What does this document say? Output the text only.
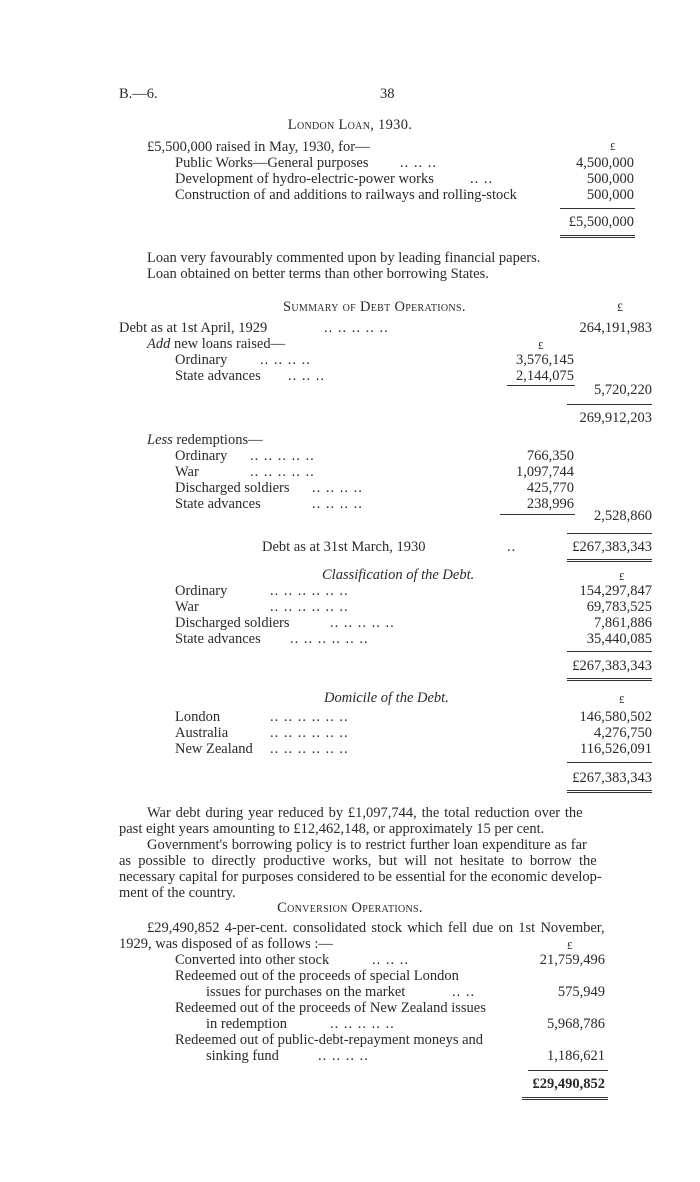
B.—6.	38
London Loan, 1930.
£5,500,000 raised in May, 1930, for—	£
Public Works—General purposes .. .. ..	4,500,000
Development of hydro-electric-power works .. ..	500,000
Construction of and additions to railways and rolling-stock	500,000
£5,500,000
Loan very favourably commented upon by leading financial papers.
Loan obtained on better terms than other borrowing States.
Summary of Debt Operations.	£
Debt as at 1st April, 1929	.. .. .. .. ..	264,191,983
Add new loans raised—	£
Ordinary .. .. .. ..	3,576,145
State advances .. .. ..	2,144,075
5,720,220
269,912,203
Less redemptions—
Ordinary .. .. .. .. ..	766,350
War	.. .. .. .. ..	1,097,744
Discharged soldiers .. .. .. ..	425,770
State advances	.. .. .. ..	238,996
2,528,860
Debt as at 31st March, 1930	..	£267,383,343
Classification of the Debt.	£
Ordinary	.. .. .. .. .. ..	154,297,847
War	.. .. .. .. .. ..	69,783,525
Discharged soldiers	.. .. .. .. ..	7,861,886
State advances .. .. .. .. .. ..	35,440,085
£267,383,343
Domicile of the Debt.	£
London	.. .. .. .. .. ..	146,580,502
Australia	.. .. .. .. .. ..	4,276,750
New Zealand .. .. .. .. .. ..	116,526,091
£267,383,343
War debt during year reduced by £1,097,744, the total reduction over the
past eight years amounting to £12,462,148, or approximately 15 per cent.
Government's borrowing policy is to restrict further loan expenditure as far
as possible to directly productive works, but will not hesitate to borrow the
necessary capital for purposes considered to be essential for the economic develop-
ment of the country.
Conversion Operations.
£29,490,852 4-per-cent. consolidated stock which fell due on 1st November,
1929, was disposed of as follows :—	£
Converted into other stock	.. .. ..	21,759,496
Redeemed out of the proceeds of special London
issues for purchases on the market	.. ..	575,949
Redeemed out of the proceeds of New Zealand issues
in redemption	.. .. .. .. ..	5,968,786
Redeemed out of public-debt-repayment moneys and
sinking fund	.. .. .. ..	1,186,621
£29,490,852
